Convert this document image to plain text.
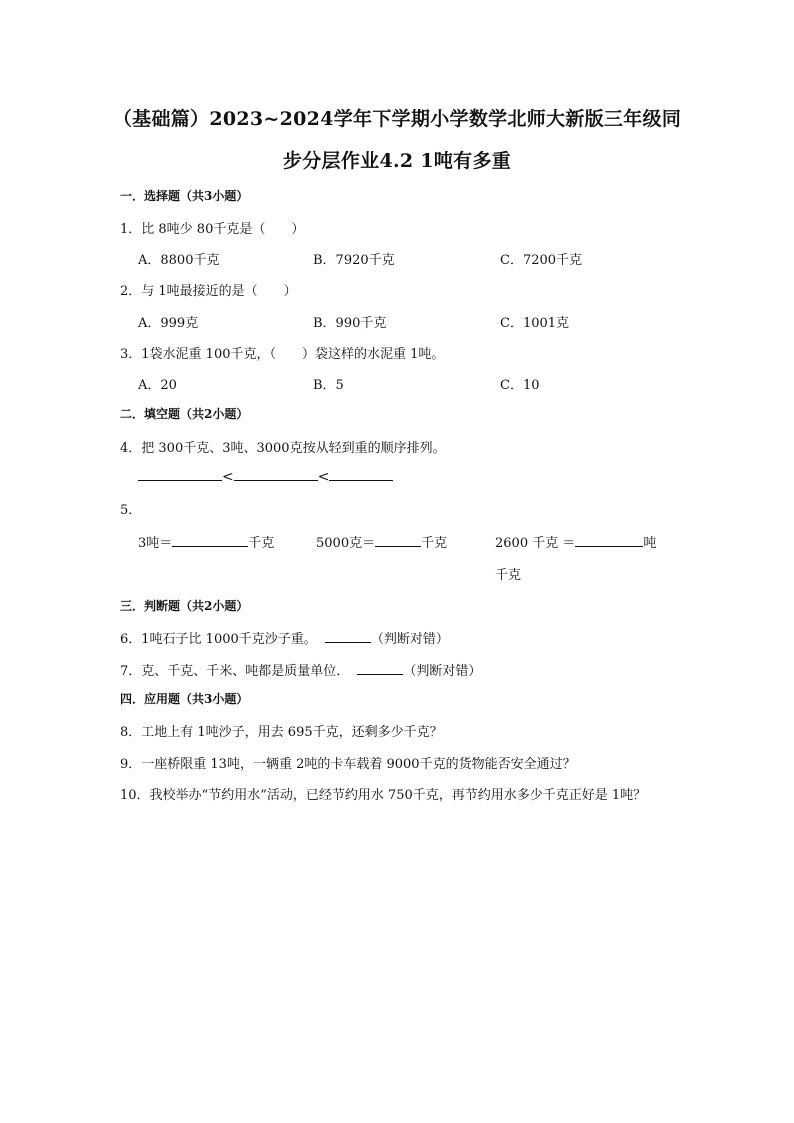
（基础篇）2023~2024学年下学期小学数学北师大新版三年级同
步分层作业4.2 1吨有多重
一．选择题（共3小题）
1．比 8吨少 80千克是（　　）
A．8800千克	B．7920千克	C．7200千克
2．与 1吨最接近的是（　　）
A．999克	B．990千克	C．1001克
3．1袋水泥重 100千克，（　　）袋这样的水泥重 1吨。
A．20	B．5	C．10
二．填空题（共2小题）
4．把 300千克、3吨、3000克按从轻到重的顺序排列。
<	<
5．
3吨＝	千克	5000克＝	千克	2600 千克 ＝	吨
千克
三．判断题（共2小题）
6．1吨石子比 1000千克沙子重。	（判断对错）
7．克、千克、千米、吨都是质量单位．	（判断对错）
四．应用题（共3小题）
8．工地上有 1吨沙子，用去 695千克，还剩多少千克？
9．一座桥限重 13吨，一辆重 2吨的卡车载着 9000千克的货物能否安全通过？
10．我校举办“节约用水”活动，已经节约用水 750千克，再节约用水多少千克正好是 1吨？
